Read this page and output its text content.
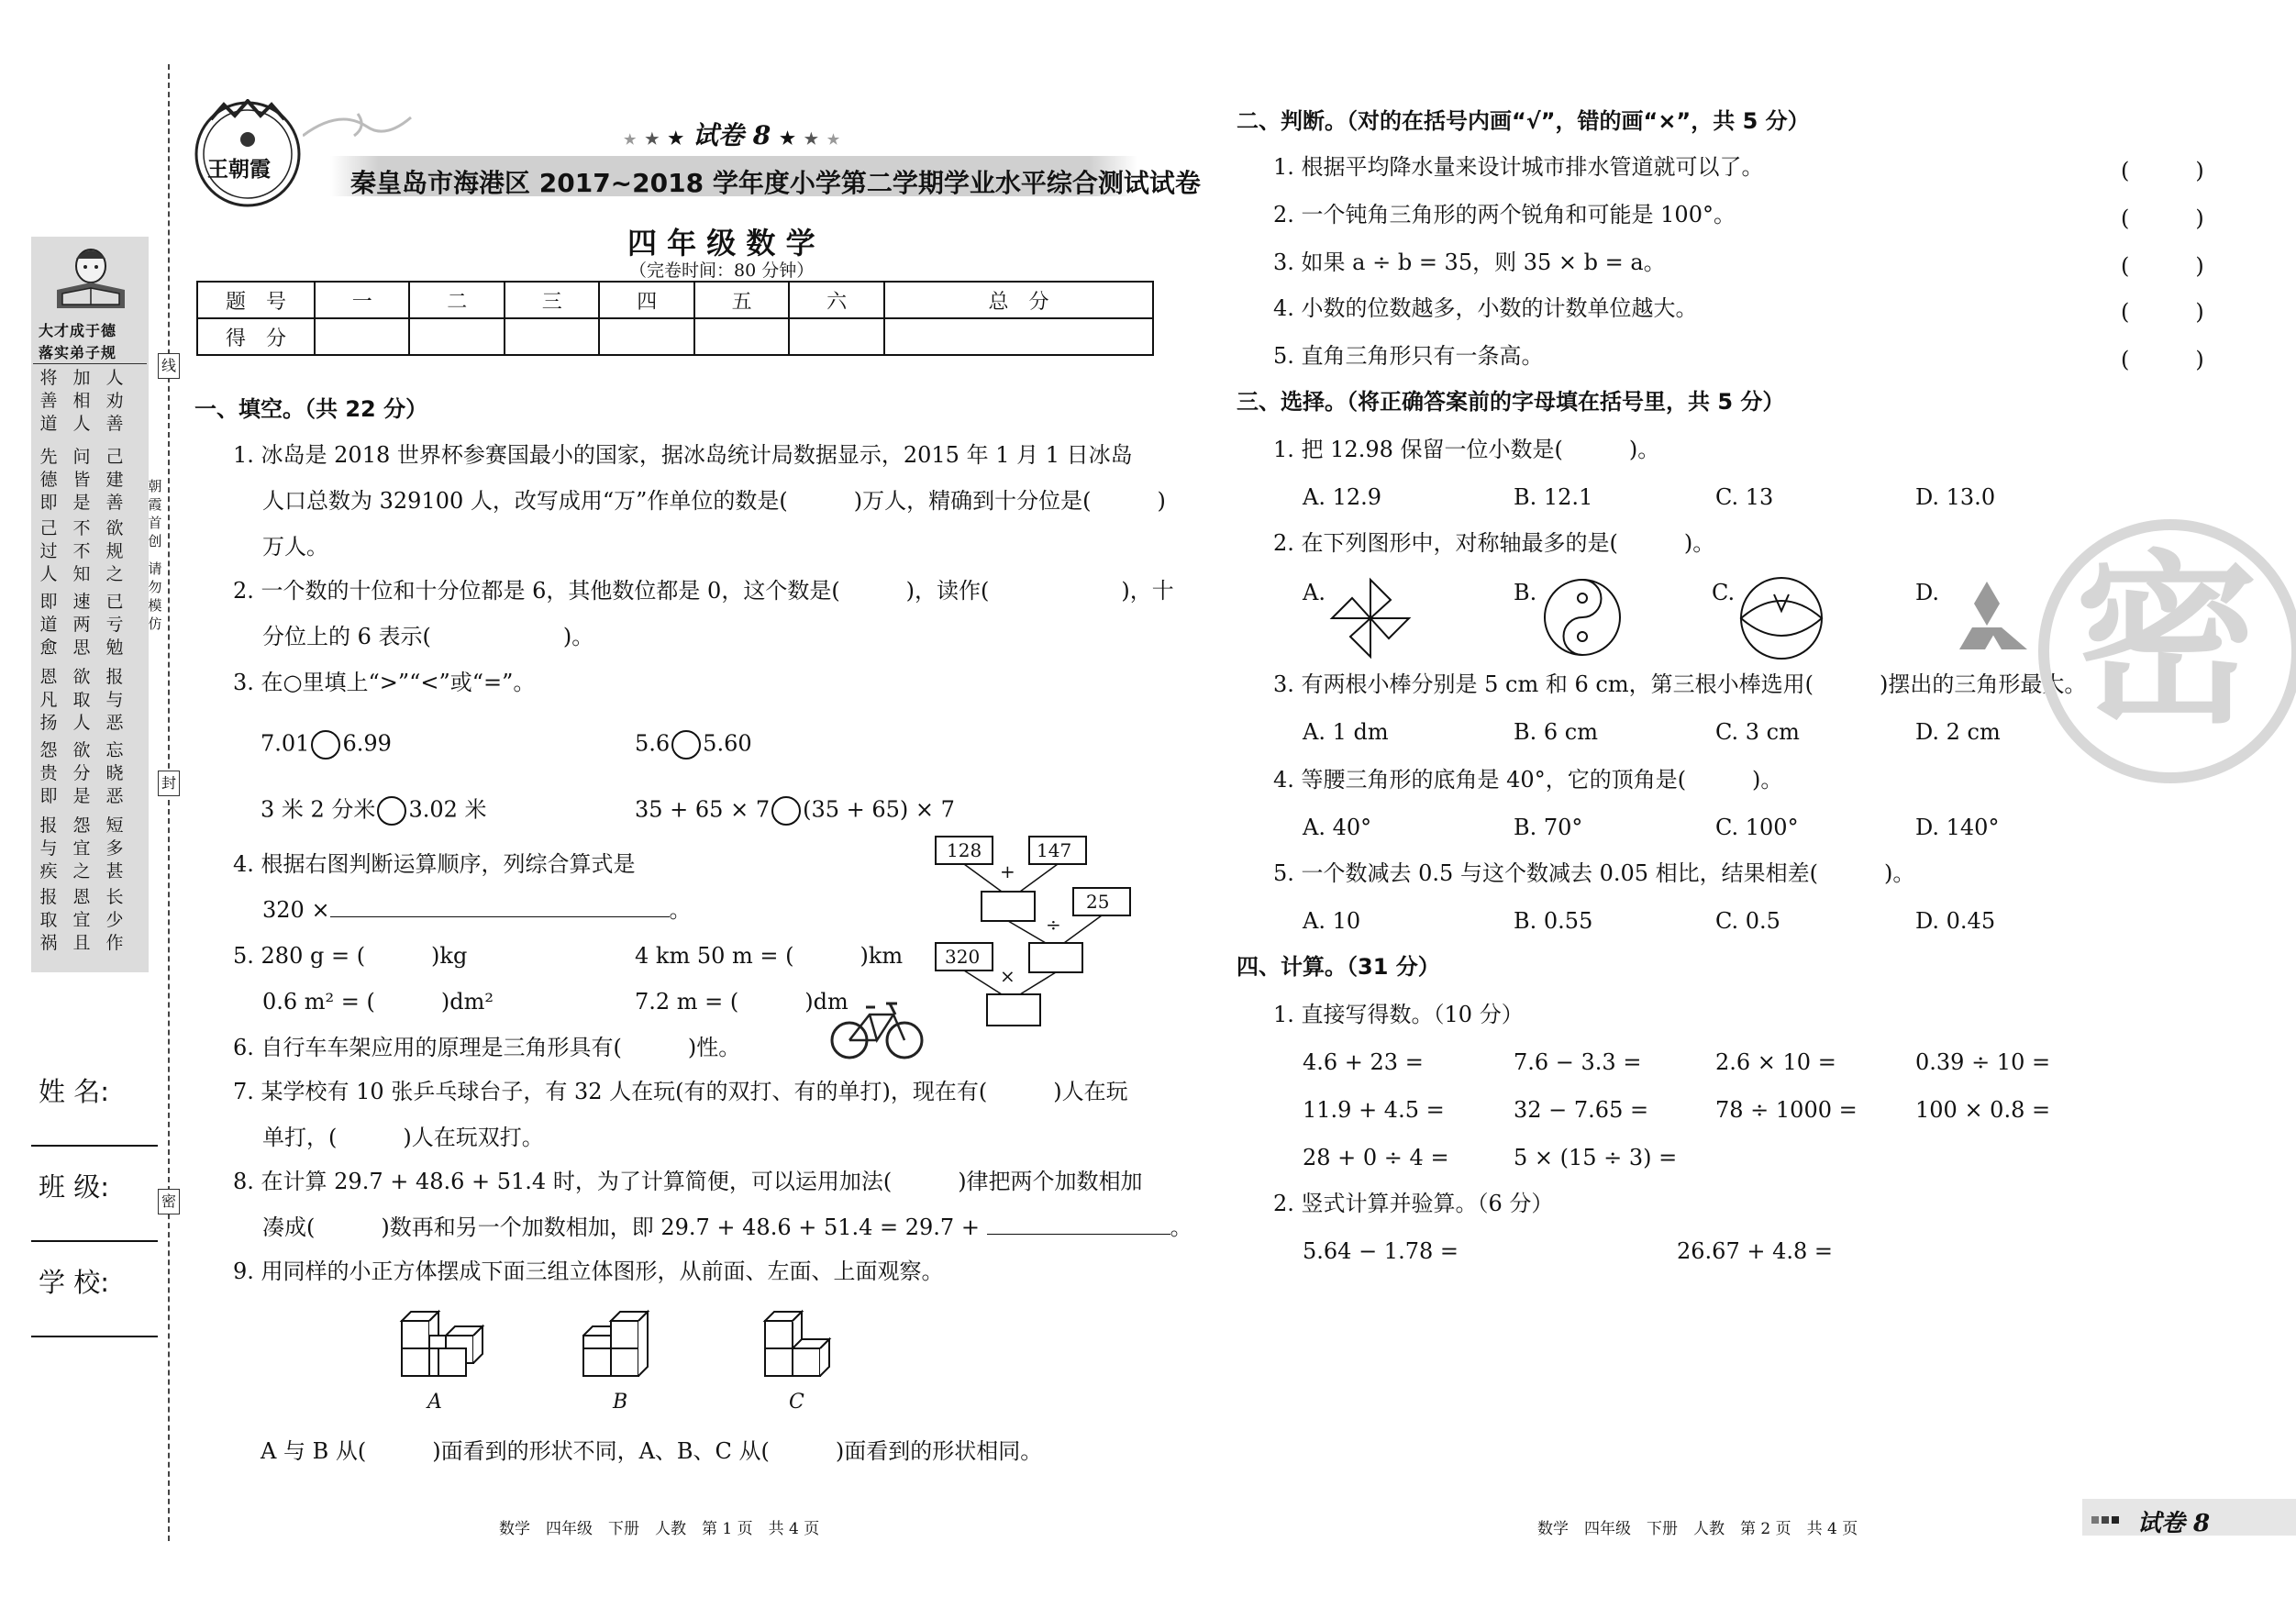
大才成于德
落实弟子规
将善道
加相人
人劝善
先德即
问皆是
己建善
己过人
不不知
欲规之
即道愈
速两思
已亏勉
恩凡扬
欲取人
报与恶
怨贵即
欲分是
忘晓恶
报与疾
怨宜之
短多甚
报取祸
恩宜且
长少作
线
封
密
朝霞首创
请勿模仿
姓 名:
班 级:
学 校:
王朝霞
★ ★ ★ 试卷 8 ★ ★ ★
秦皇岛市海港区 2017~2018 学年度小学第二学期学业水平综合测试试卷
四 年 级 数 学
（完卷时间：80 分钟）
题　号	一	二	三	四	五	六	总　分
得　分							
一、填空。（共 22 分）
1. 冰岛是 2018 世界杯参赛国最小的国家，据冰岛统计局数据显示，2015 年 1 月 1 日冰岛
人口总数为 329100 人，改写成用“万”作单位的数是(　　　)万人，精确到十分位是(　　　)
万人。
2. 一个数的十位和十分位都是 6，其他数位都是 0，这个数是(　　　)，读作(　　　　　　)，十
分位上的 6 表示(　　　　　　)。
3. 在○里填上“>”“<”或“=”。
7.01 6.99	5.6 5.60
3 米 2 分米 3.02 米	35 + 65 × 7 (35 + 65) × 7
4. 根据右图判断运算顺序，列综合算式是
320 ×	。
128	147
+
25
÷
320
×
5. 280 g = (　　　)kg	4 km 50 m = (　　　)km
0.6 m² = (　　　)dm²	7.2 m = (　　　)dm
6. 自行车车架应用的原理是三角形具有(　　　)性。
7. 某学校有 10 张乒乓球台子，有 32 人在玩(有的双打、有的单打)，现在有(　　　)人在玩
单打，(　　　)人在玩双打。
8. 在计算 29.7 + 48.6 + 51.4 时，为了计算简便，可以运用加法(　　　)律把两个加数相加
凑成(　　　)数再和另一个加数相加，即 29.7 + 48.6 + 51.4 = 29.7 +	。
9. 用同样的小正方体摆成下面三组立体图形，从前面、左面、上面观察。
A	B	C
A 与 B 从(　　　)面看到的形状不同，A、B、C 从(　　　)面看到的形状相同。
二、判断。（对的在括号内画“√”，错的画“×”，共 5 分）
1. 根据平均降水量来设计城市排水管道就可以了。
2. 一个钝角三角形的两个锐角和可能是 100°。
3. 如果 a ÷ b = 35，则 35 × b = a。
4. 小数的位数越多，小数的计数单位越大。
5. 直角三角形只有一条高。
(　　　)
(　　　)
(　　　)
(　　　)
(　　　)
三、选择。（将正确答案前的字母填在括号里，共 5 分）
1. 把 12.98 保留一位小数是(　　　)。
A. 12.9	B. 12.1	C. 13	D. 13.0
2. 在下列图形中，对称轴最多的是(　　　)。
A.	B.	C.	D.
3. 有两根小棒分别是 5 cm 和 6 cm，第三根小棒选用(　　　)摆出的三角形最大。
A. 1 dm	B. 6 cm	C. 3 cm	D. 2 cm
4. 等腰三角形的底角是 40°，它的顶角是(　　　)。
A. 40°	B. 70°	C. 100°	D. 140°
5. 一个数减去 0.5 与这个数减去 0.05 相比，结果相差(　　　)。
A. 10	B. 0.55	C. 0.5	D. 0.45
四、计算。（31 分）
1. 直接写得数。（10 分）
4.6 + 23 =	7.6 − 3.3 =	2.6 × 10 =	0.39 ÷ 10 =
11.9 + 4.5 =	32 − 7.65 =	78 ÷ 1000 =	100 × 0.8 =
28 + 0 ÷ 4 =	5 × (15 ÷ 3) =
2. 竖式计算并验算。（6 分）
5.64 − 1.78 =	26.67 + 4.8 =
密
数学　四年级　下册　人教　第 1 页　共 4 页	数学　四年级　下册　人教　第 2 页　共 4 页	试卷 8
